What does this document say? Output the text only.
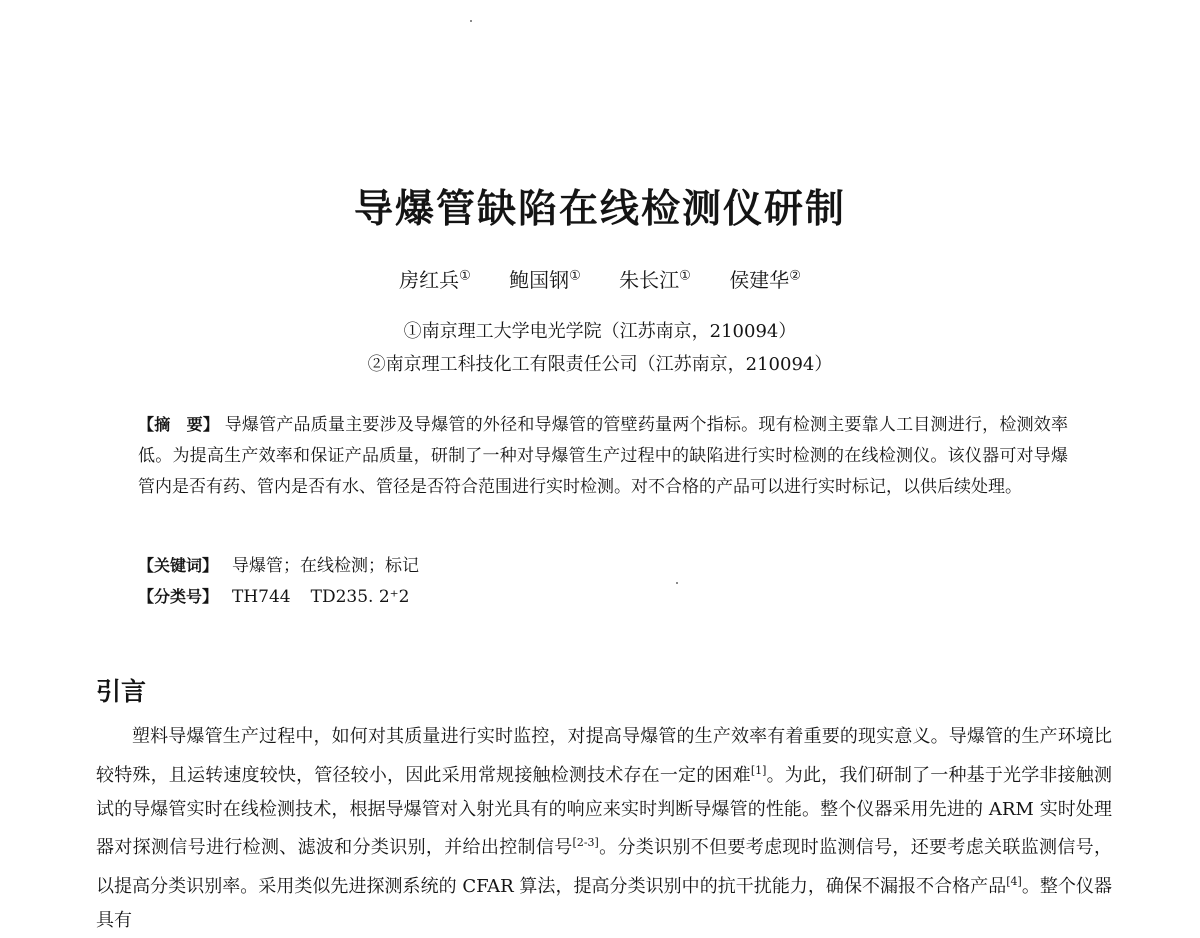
导爆管缺陷在线检测仪研制
房红兵① 鲍国钢① 朱长江① 侯建华②
①南京理工大学电光学院（江苏南京，210094）
②南京理工科技化工有限责任公司（江苏南京，210094）
【摘　要】 导爆管产品质量主要涉及导爆管的外径和导爆管的管壁药量两个指标。现有检测主要靠人工目测进行，检测效率低。为提高生产效率和保证产品质量，研制了一种对导爆管生产过程中的缺陷进行实时检测的在线检测仪。该仪器可对导爆管内是否有药、管内是否有水、管径是否符合范围进行实时检测。对不合格的产品可以进行实时标记，以供后续处理。
【关键词】 导爆管；在线检测；标记
【分类号】 TH744 TD235. 2⁺2
引言
塑料导爆管生产过程中，如何对其质量进行实时监控，对提高导爆管的生产效率有着重要的现实意义。导爆管的生产环境比较特殊，且运转速度较快，管径较小，因此采用常规接触检测技术存在一定的困难[1]。为此，我们研制了一种基于光学非接触测试的导爆管实时在线检测技术，根据导爆管对入射光具有的响应来实时判断导爆管的性能。整个仪器采用先进的 ARM 实时处理器对探测信号进行检测、滤波和分类识别，并给出控制信号[2-3]。分类识别不但要考虑现时监测信号，还要考虑关联监测信号，以提高分类识别率。采用类似先进探测系统的 CFAR 算法，提高分类识别中的抗干扰能力，确保不漏报不合格产品[4]。整个仪器具有
